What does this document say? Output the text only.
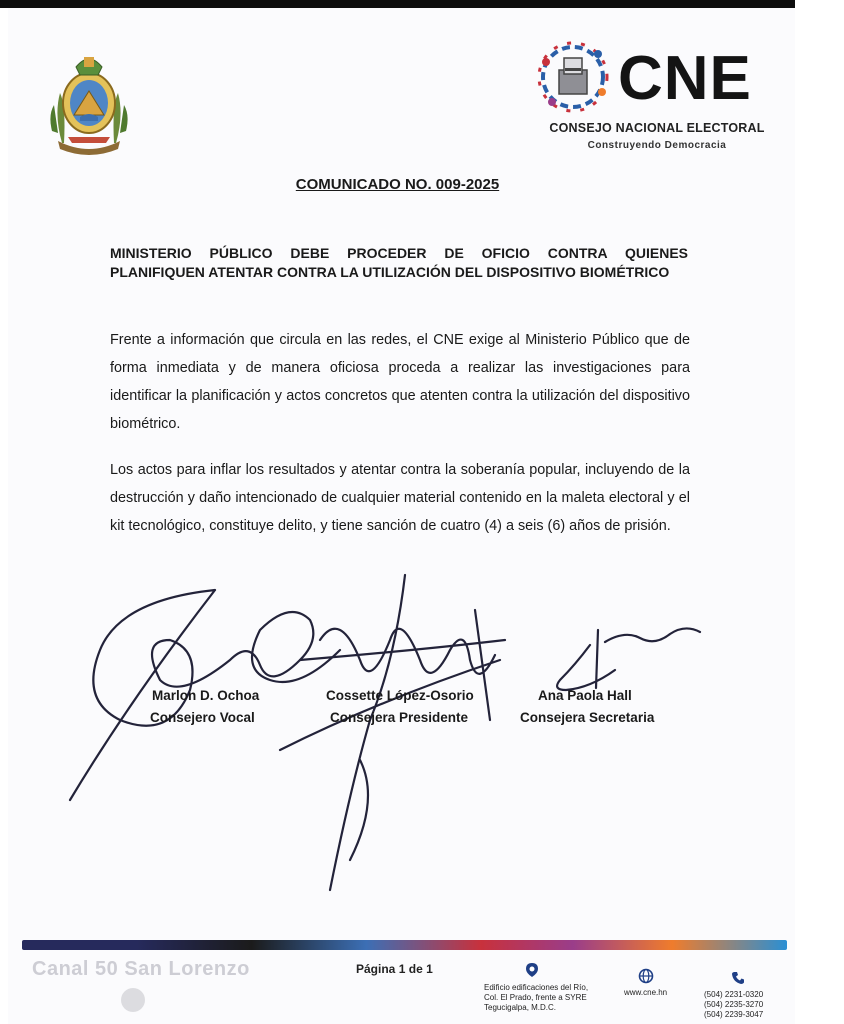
CNE
CONSEJO NACIONAL ELECTORAL
Construyendo Democracia
COMUNICADO NO. 009-2025
MINISTERIO PÚBLICO DEBE PROCEDER DE OFICIO CONTRA QUIENES PLANIFIQUEN ATENTAR CONTRA LA UTILIZACIÓN DEL DISPOSITIVO BIOMÉTRICO
Frente a información que circula en las redes, el CNE exige al Ministerio Público que de forma inmediata y de manera oficiosa proceda a realizar las investigaciones para identificar la planificación y actos concretos que atenten contra la utilización del dispositivo biométrico.
Los actos para inflar los resultados y atentar contra la soberanía popular, incluyendo de la destrucción y daño intencionado de cualquier material contenido en la maleta electoral y el kit tecnológico, constituye delito, y tiene sanción de cuatro (4) a seis (6) años de prisión.
Marlon D. Ochoa
Consejero Vocal
Cossette López-Osorio
Consejera Presidente
Ana Paola Hall
Consejera Secretaria
Canal 50 San Lorenzo	Página 1 de 1
Edificio edificaciones del Río,
Col. El Prado, frente a SYRE
Tegucigalpa, M.D.C.
www.cne.hn	(504) 2231-0320
(504) 2235-3270
(504) 2239-3047
